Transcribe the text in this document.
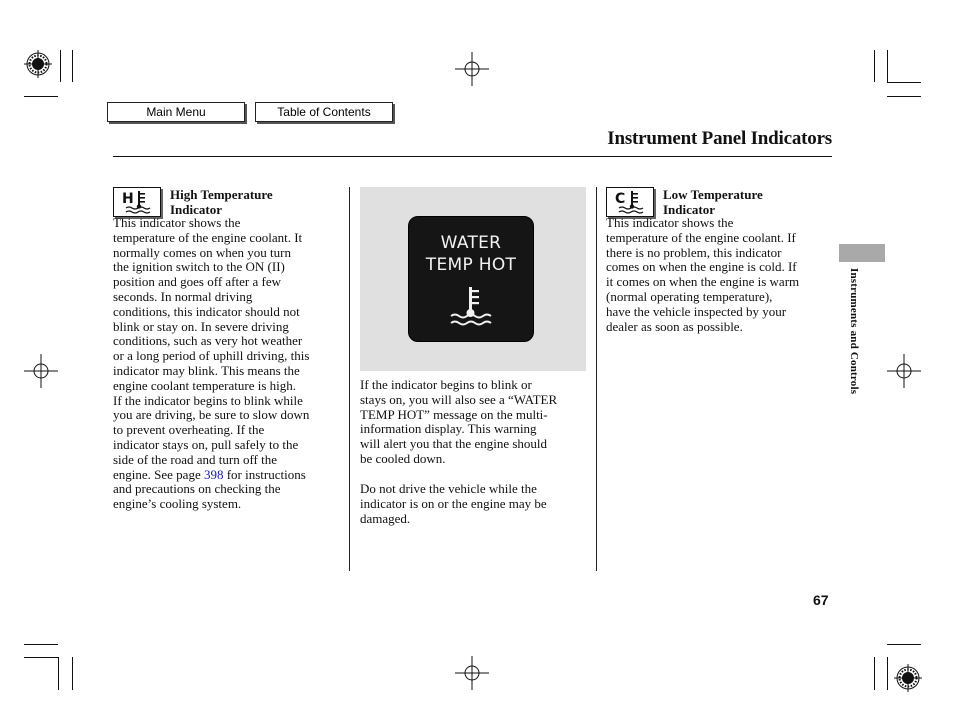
Main Menu	Table of Contents
Instrument Panel Indicators
H	High Temperature
Indicator
This indicator shows the
temperature of the engine coolant. It
normally comes on when you turn
the ignition switch to the ON (II)
position and goes off after a few
seconds. In normal driving
conditions, this indicator should not
blink or stay on. In severe driving
conditions, such as very hot weather
or a long period of uphill driving, this
indicator may blink. This means the
engine coolant temperature is high.
If the indicator begins to blink while
you are driving, be sure to slow down
to prevent overheating. If the
indicator stays on, pull safely to the
side of the road and turn off the
engine. See page 398 for instructions
and precautions on checking the
engine’s cooling system.
WATER
TEMP HOT
If the indicator begins to blink or
stays on, you will also see a “WATER
TEMP HOT” message on the multi-
information display. This warning
will alert you that the engine should
be cooled down.
Do not drive the vehicle while the
indicator is on or the engine may be
damaged.
C	Low Temperature
Indicator
This indicator shows the
temperature of the engine coolant. If
there is no problem, this indicator
comes on when the engine is cold. If
it comes on when the engine is warm
(normal operating temperature),
have the vehicle inspected by your
dealer as soon as possible.	Instruments and Controls
67
